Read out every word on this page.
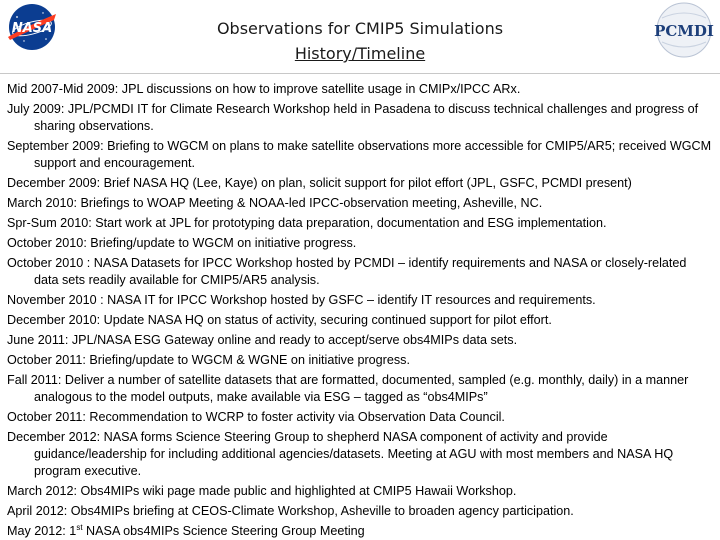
NASA	PCMDI
Observations for CMIP5 Simulations
History/Timeline
Mid 2007-Mid 2009: JPL discussions on how to improve satellite usage in CMIPx/IPCC ARx.
July 2009: JPL/PCMDI IT for Climate Research Workshop held in Pasadena to discuss technical challenges and progress of sharing observations.
September 2009: Briefing to WGCM on plans to make satellite observations more accessible for CMIP5/AR5; received WGCM support and encouragement.
December 2009: Brief NASA HQ (Lee, Kaye) on plan, solicit support for pilot effort (JPL, GSFC, PCMDI present)
March 2010: Briefings to WOAP Meeting & NOAA-led IPCC-observation meeting, Asheville, NC.
Spr-Sum 2010: Start work at JPL for prototyping data preparation, documentation and ESG implementation.
October 2010: Briefing/update to WGCM on initiative progress.
October 2010 : NASA Datasets for IPCC Workshop hosted by PCMDI – identify requirements and NASA or closely-related data sets readily available for CMIP5/AR5 analysis.
November 2010 : NASA IT for IPCC Workshop hosted by GSFC – identify IT resources and requirements.
December 2010: Update NASA HQ on status of activity, securing continued support for pilot effort.
June 2011: JPL/NASA ESG Gateway online and ready to accept/serve obs4MIPs data sets.
October 2011: Briefing/update to WGCM & WGNE on initiative progress.
Fall 2011: Deliver a number of satellite datasets that are formatted, documented, sampled (e.g. monthly, daily) in a manner analogous to the model outputs, make available via ESG – tagged as “obs4MIPs”
October 2011: Recommendation to WCRP to foster activity via Observation Data Council.
December 2012: NASA forms Science Steering Group to shepherd NASA component of activity and provide guidance/leadership for including additional agencies/datasets. Meeting at AGU with most members and NASA HQ program executive.
March 2012: Obs4MIPs wiki page made public and highlighted at CMIP5 Hawaii Workshop.
April 2012: Obs4MIPs briefing at CEOS-Climate Workshop, Asheville to broaden agency participation.
May 2012: 1st NASA obs4MIPs Science Steering Group Meeting
